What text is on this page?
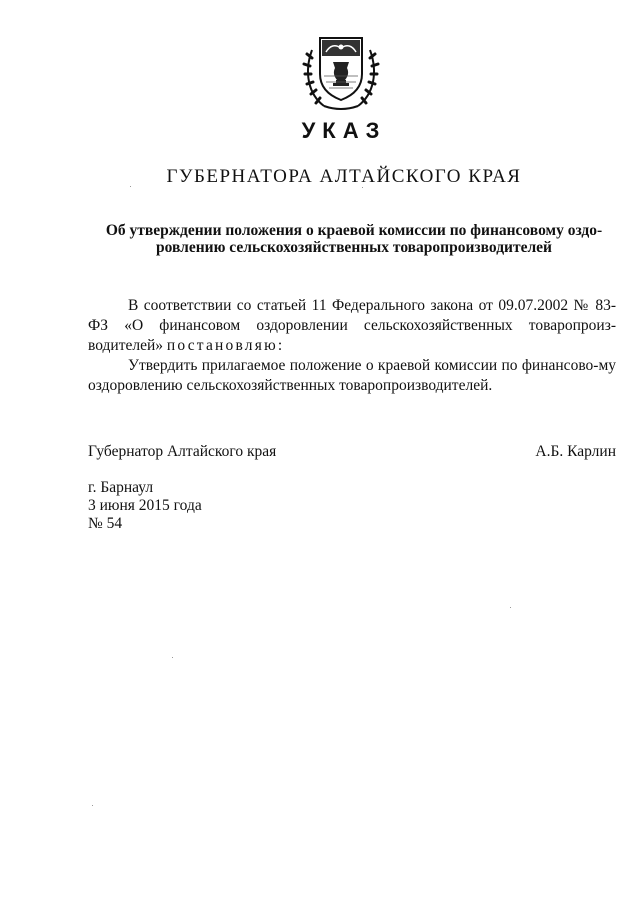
УКАЗ
ГУБЕРНАТОРА АЛТАЙСКОГО КРАЯ
Об утверждении положения о краевой комиссии по финансовому оздо-
ровлению сельскохозяйственных товаропроизводителей

В соответствии со статьей 11 Федерального закона от 09.07.2002 № 83-ФЗ «О финансовом оздоровлении сельскохозяйственных товаропроиз-водителей» постановляю:

Утвердить прилагаемое положение о краевой комиссии по финансово-му оздоровлению сельскохозяйственных товаропроизводителей.

Губернатор Алтайского края	А.Б. Карлин
г. Барнаул
3 июня 2015 года
№ 54
